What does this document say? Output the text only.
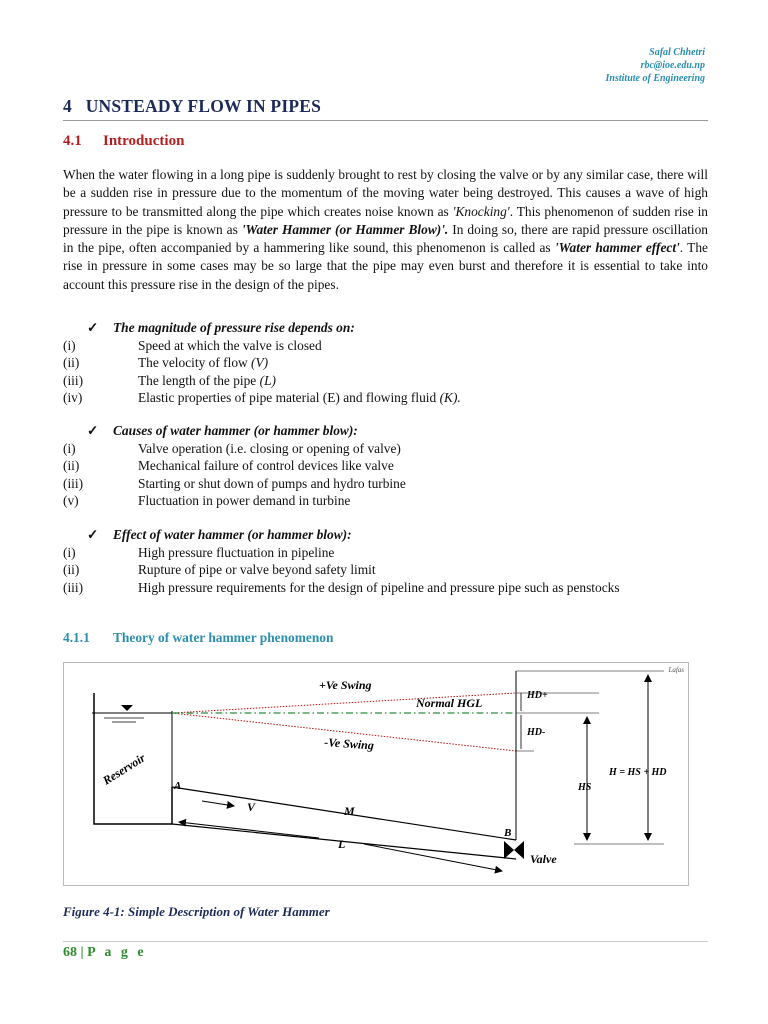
Safal Chhetri
rbc@ioe.edu.np
Institute of Engineering
4 UNSTEADY FLOW IN PIPES
4.1 Introduction
When the water flowing in a long pipe is suddenly brought to rest by closing the valve or by any similar case, there will be a sudden rise in pressure due to the momentum of the moving water being destroyed. This causes a wave of high pressure to be transmitted along the pipe which creates noise known as 'Knocking'. This phenomenon of sudden rise in pressure in the pipe is known as 'Water Hammer (or Hammer Blow)'. In doing so, there are rapid pressure oscillation in the pipe, often accompanied by a hammering like sound, this phenomenon is called as 'Water hammer effect'. The rise in pressure in some cases may be so large that the pipe may even burst and therefore it is essential to take into account this pressure rise in the design of the pipes.
✓ The magnitude of pressure rise depends on:
(i)	Speed at which the valve is closed
(ii)	The velocity of flow (V)
(iii)	The length of the pipe (L)
(iv)	Elastic properties of pipe material (E) and flowing fluid (K).
✓ Causes of water hammer (or hammer blow):
(i)	Valve operation (i.e. closing or opening of valve)
(ii)	Mechanical failure of control devices like valve
(iii)	Starting or shut down of pumps and hydro turbine
(v)	Fluctuation in power demand in turbine
✓ Effect of water hammer (or hammer blow):
(i)	High pressure fluctuation in pipeline
(ii)	Rupture of pipe or valve beyond safety limit
(iii)	High pressure requirements for the design of pipeline and pressure pipe such as penstocks
4.1.1 Theory of water hammer phenomenon
Lafas
Reservoir
+Ve Swing
Normal HGL
-Ve Swing
HD+
HD-
HS
H = HS + HD
A
B
V	M
L
Valve
Figure 4-1: Simple Description of Water Hammer
68 | P a g e
